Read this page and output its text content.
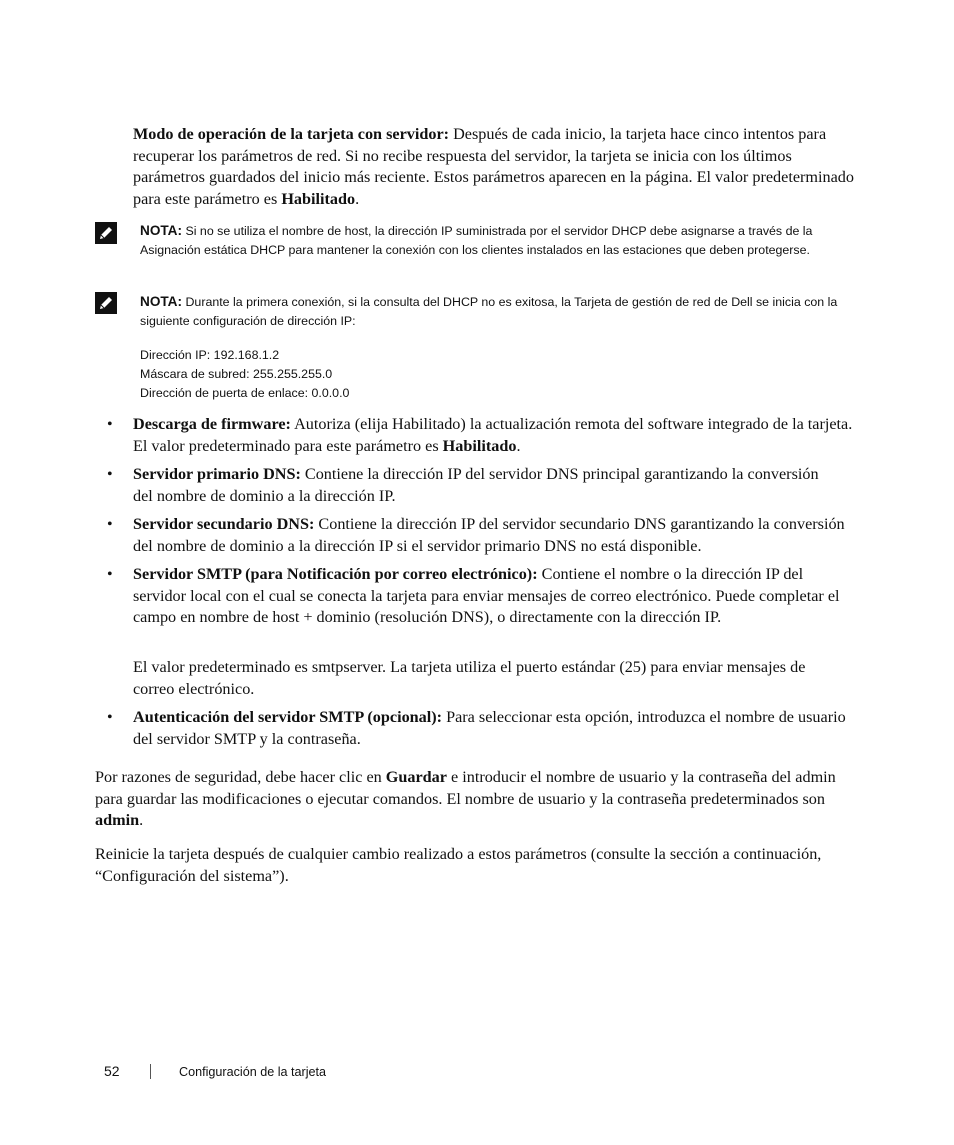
Modo de operación de la tarjeta con servidor: Después de cada inicio, la tarjeta hace cinco intentos para recuperar los parámetros de red. Si no recibe respuesta del servidor, la tarjeta se inicia con los últimos parámetros guardados del inicio más reciente. Estos parámetros aparecen en la página. El valor predeterminado para este parámetro es Habilitado.
NOTA: Si no se utiliza el nombre de host, la dirección IP suministrada por el servidor DHCP debe asignarse a través de la Asignación estática DHCP para mantener la conexión con los clientes instalados en las estaciones que deben protegerse.
NOTA: Durante la primera conexión, si la consulta del DHCP no es exitosa, la Tarjeta de gestión de red de Dell se inicia con la siguiente configuración de dirección IP:
Dirección IP: 192.168.1.2
Máscara de subred: 255.255.255.0
Dirección de puerta de enlace: 0.0.0.0
• Descarga de firmware: Autoriza (elija Habilitado) la actualización remota del software integrado de la tarjeta. El valor predeterminado para este parámetro es Habilitado.
• Servidor primario DNS: Contiene la dirección IP del servidor DNS principal garantizando la conversión del nombre de dominio a la dirección IP.
• Servidor secundario DNS: Contiene la dirección IP del servidor secundario DNS garantizando la conversión del nombre de dominio a la dirección IP si el servidor primario DNS no está disponible.
• Servidor SMTP (para Notificación por correo electrónico): Contiene el nombre o la dirección IP del servidor local con el cual se conecta la tarjeta para enviar mensajes de correo electrónico. Puede completar el campo en nombre de host + dominio (resolución DNS), o directamente con la dirección IP.
El valor predeterminado es smtpserver. La tarjeta utiliza el puerto estándar (25) para enviar mensajes de correo electrónico.
• Autenticación del servidor SMTP (opcional): Para seleccionar esta opción, introduzca el nombre de usuario del servidor SMTP y la contraseña.
Por razones de seguridad, debe hacer clic en Guardar e introducir el nombre de usuario y la contraseña del admin para guardar las modificaciones o ejecutar comandos. El nombre de usuario y la contraseña predeterminados son admin.
Reinicie la tarjeta después de cualquier cambio realizado a estos parámetros (consulte la sección a continuación, “Configuración del sistema”).
52	Configuración de la tarjeta
